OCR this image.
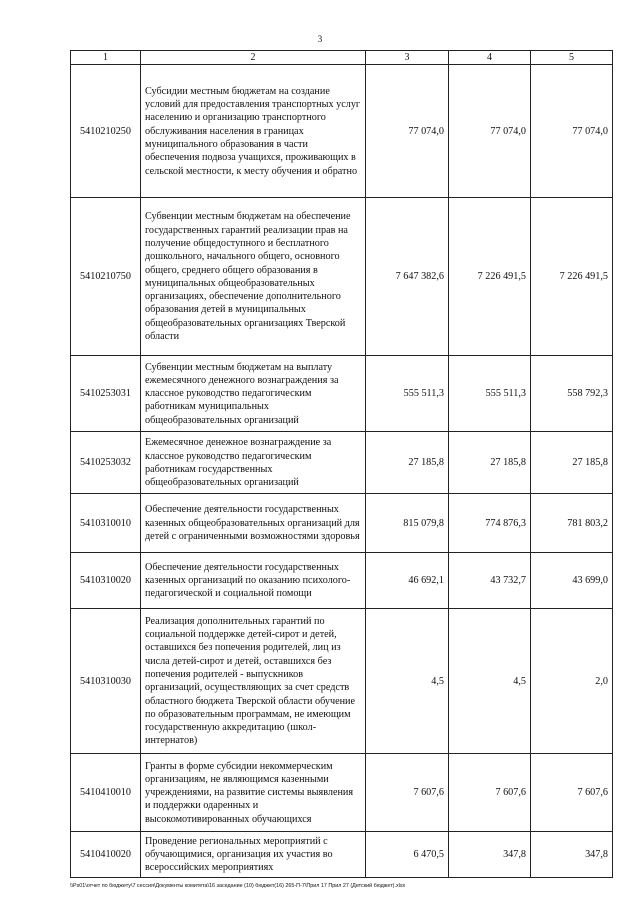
3
1	2	3	4	5
5410210250	Субсидии местным бюджетам на создание условий для предоставления транспортных услуг населению и организацию транспортного обслуживания населения в границах муниципального образования в части обеспечения подвоза учащихся, проживающих в сельской местности, к месту обучения и обратно	77 074,0	77 074,0	77 074,0
5410210750	Субвенции местным бюджетам на обеспечение государственных гарантий реализации прав на получение общедоступного и бесплатного дошкольного, начального общего, основного общего, среднего общего образования в муниципальных общеобразовательных организациях, обеспечение дополнительного образования детей в муниципальных общеобразовательных организациях Тверской области	7 647 382,6	7 226 491,5	7 226 491,5
5410253031	Субвенции местным бюджетам на выплату ежемесячного денежного вознаграждения за классное руководство педагогическим работникам муниципальных общеобразовательных организаций	555 511,3	555 511,3	558 792,3
5410253032	Ежемесячное денежное вознаграждение за классное руководство педагогическим работникам государственных общеобразовательных организаций	27 185,8	27 185,8	27 185,8
5410310010	Обеспечение деятельности государственных казенных общеобразовательных организаций для детей с ограниченными возможностями здоровья	815 079,8	774 876,3	781 803,2
5410310020	Обеспечение деятельности государственных казенных организаций по оказанию психолого-педагогической и социальной помощи	46 692,1	43 732,7	43 699,0
5410310030	Реализация дополнительных гарантий по социальной поддержке детей-сирот и детей, оставшихся без попечения родителей, лиц из числа детей-сирот и детей, оставшихся без попечения родителей - выпускников организаций, осуществляющих за счет средств областного бюджета Тверской области обучение по образовательным программам, не имеющим государственную аккредитацию (школ-интернатов)	4,5	4,5	2,0
5410410010	Гранты в форме субсидии некоммерческим организациям, не являющимся казенными учреждениями, на развитие системы выявления и поддержки одаренных и высокомотивированных обучающихся	7 607,6	7 607,6	7 607,6
5410410020	Проведение региональных мероприятий с обучающимися, организация их участия во всероссийских мероприятиях	6 470,5	347,8	347,8
\\Ps01\отчет по бюджету\7 сессия\Документы комитета\16 заседание (10) бюджет(16) 265-П-7\Прил 17 Прил 27 (Детский бюджет).xlsx
